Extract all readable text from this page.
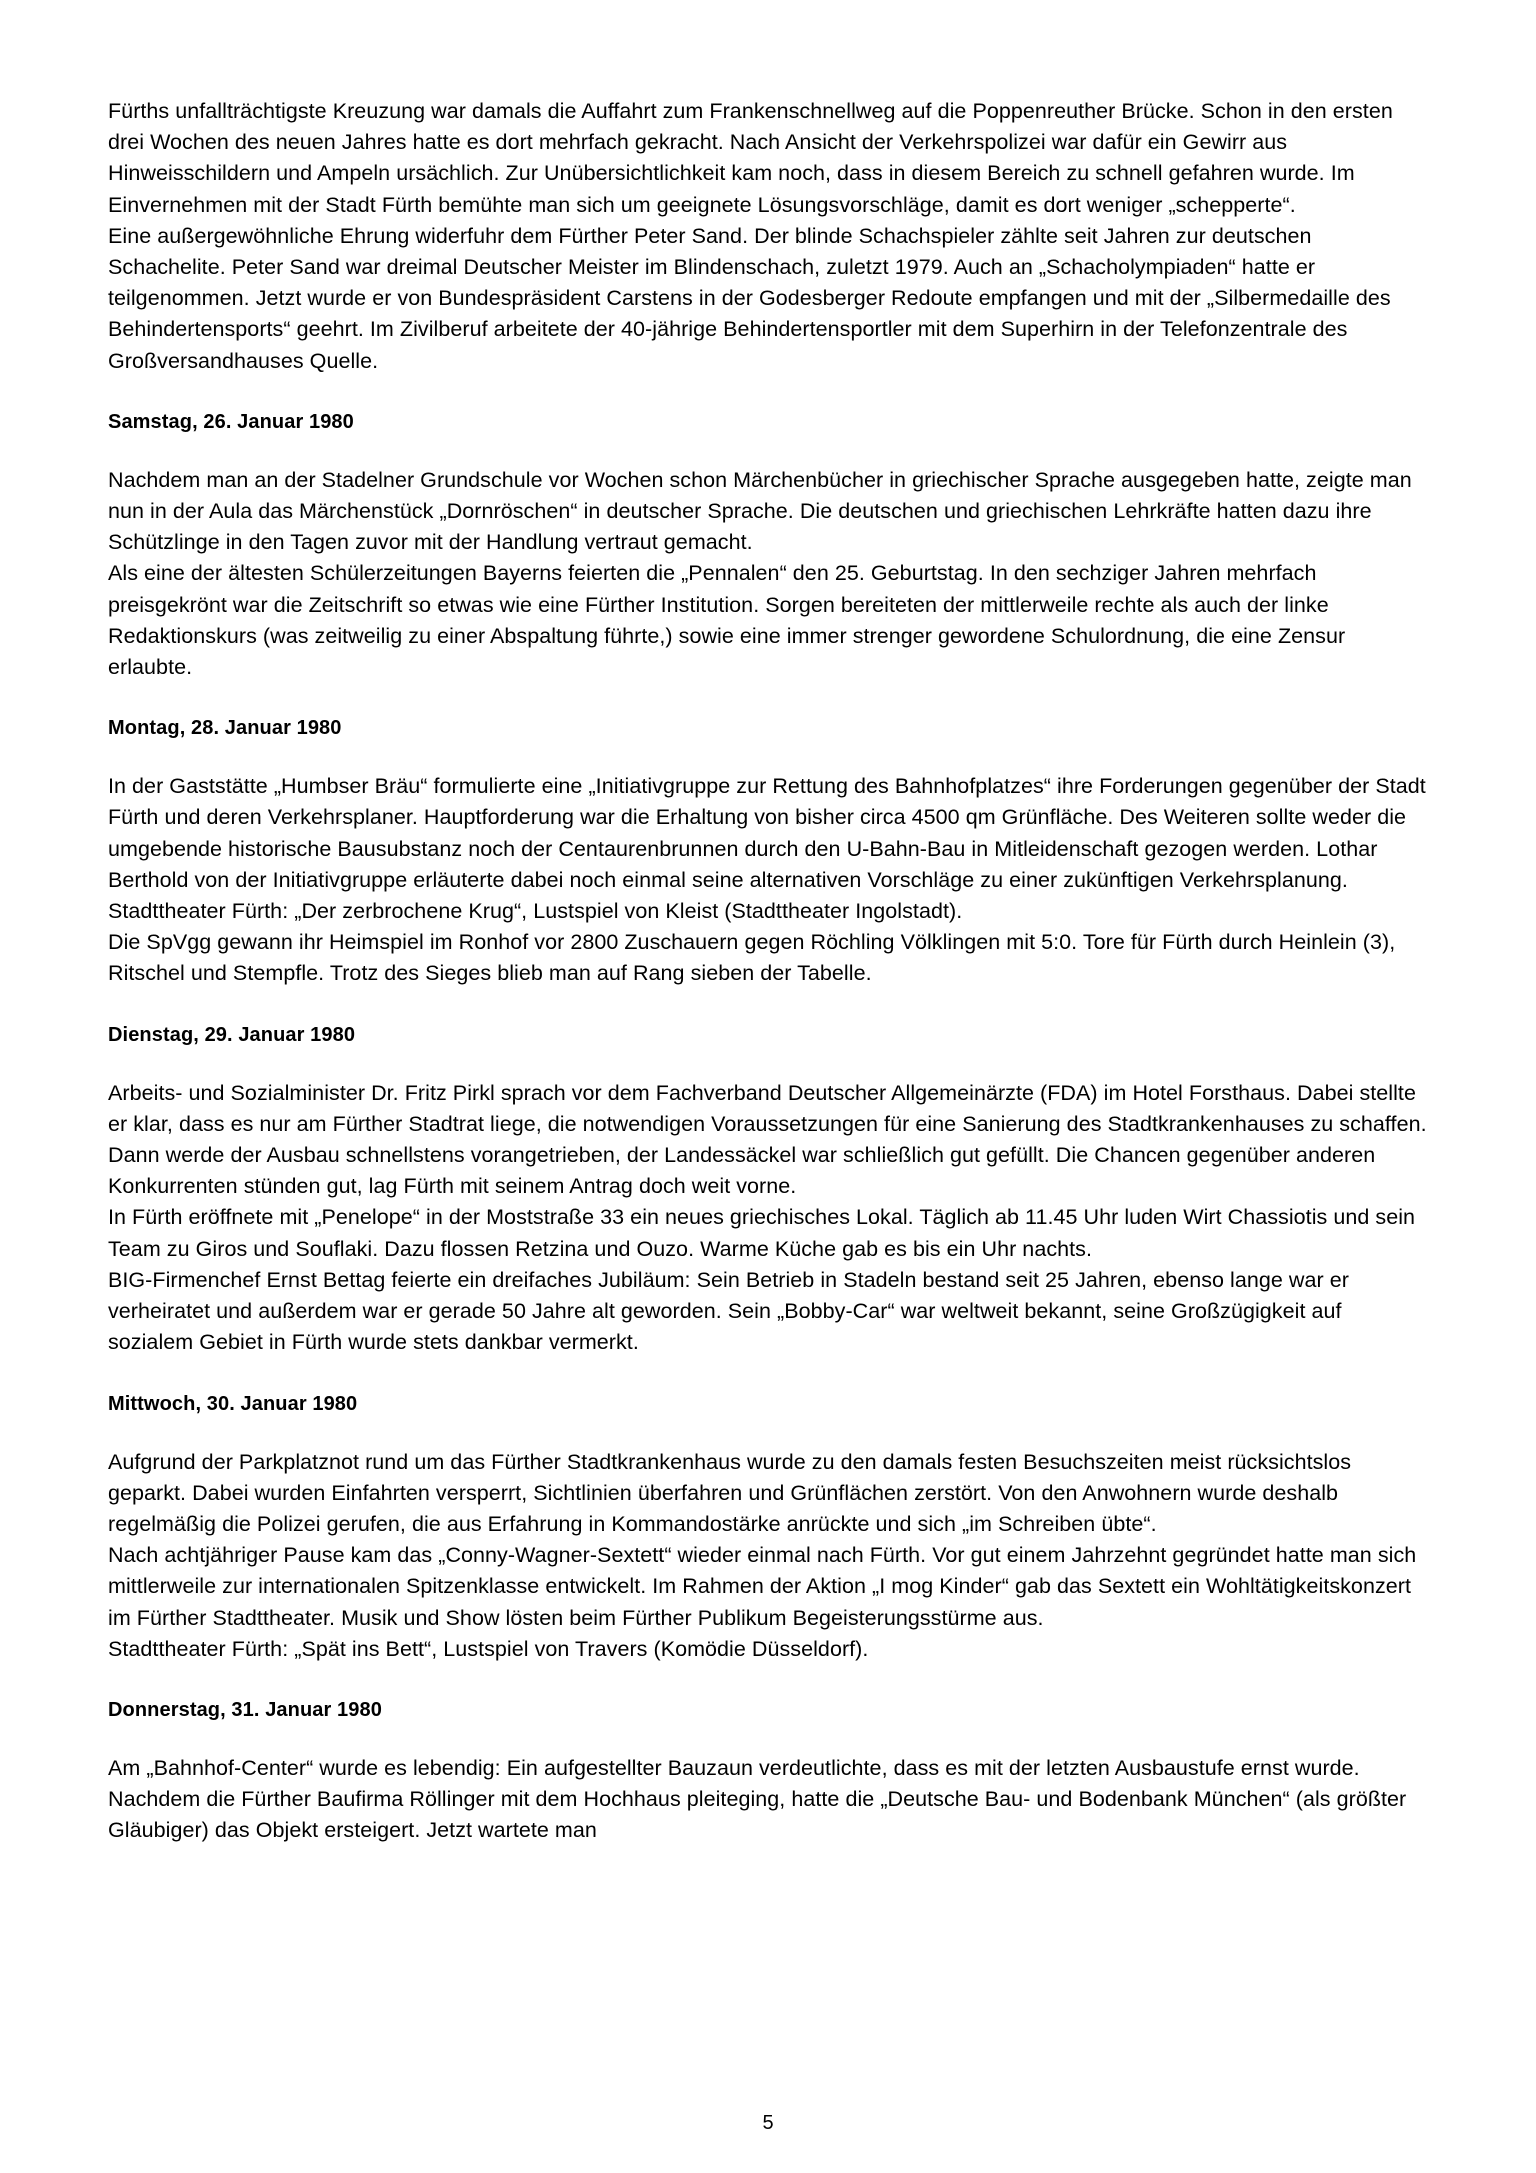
Fürths unfallträchtigste Kreuzung war damals die Auffahrt zum Frankenschnellweg auf die Poppenreuther Brücke. Schon in den ersten drei Wochen des neuen Jahres hatte es dort mehrfach gekracht. Nach Ansicht der Verkehrspolizei war dafür ein Gewirr aus Hinweisschildern und Ampeln ursächlich. Zur Unübersichtlichkeit kam noch, dass in diesem Bereich zu schnell gefahren wurde. Im Einvernehmen mit der Stadt Fürth bemühte man sich um geeignete Lösungsvorschläge, damit es dort weniger „schepperte“.

Eine außergewöhnliche Ehrung widerfuhr dem Fürther Peter Sand. Der blinde Schachspieler zählte seit Jahren zur deutschen Schachelite. Peter Sand war dreimal Deutscher Meister im Blindenschach, zuletzt 1979. Auch an „Schacholympiaden“ hatte er teilgenommen. Jetzt wurde er von Bundespräsident Carstens in der Godesberger Redoute empfangen und mit der „Silbermedaille des Behindertensports“ geehrt. Im Zivilberuf arbeitete der 40-jährige Behindertensportler mit dem Superhirn in der Telefonzentrale des Großversandhauses Quelle.

Samstag, 26. Januar 1980

Nachdem man an der Stadelner Grundschule vor Wochen schon Märchenbücher in griechischer Sprache ausgegeben hatte, zeigte man nun in der Aula das Märchenstück „Dornröschen“ in deutscher Sprache. Die deutschen und griechischen Lehrkräfte hatten dazu ihre Schützlinge in den Tagen zuvor mit der Handlung vertraut gemacht.

Als eine der ältesten Schülerzeitungen Bayerns feierten die „Pennalen“ den 25. Geburtstag. In den sechziger Jahren mehrfach preisgekrönt war die Zeitschrift so etwas wie eine Fürther Institution. Sorgen bereiteten der mittlerweile rechte als auch der linke Redaktionskurs (was zeitweilig zu einer Abspaltung führte,) sowie eine immer strenger gewordene Schulordnung, die eine Zensur erlaubte.

Montag, 28. Januar 1980

In der Gaststätte „Humbser Bräu“ formulierte eine „Initiativgruppe zur Rettung des Bahnhofplatzes“ ihre Forderungen gegenüber der Stadt Fürth und deren Verkehrsplaner. Hauptforderung war die Erhaltung von bisher circa 4500 qm Grünfläche. Des Weiteren sollte weder die umgebende historische Bausubstanz noch der Centaurenbrunnen durch den U-Bahn-Bau in Mitleidenschaft gezogen werden. Lothar Berthold von der Initiativgruppe erläuterte dabei noch einmal seine alternativen Vorschläge zu einer zukünftigen Verkehrsplanung.

Stadttheater Fürth: „Der zerbrochene Krug“, Lustspiel von Kleist (Stadttheater Ingolstadt).

Die SpVgg gewann ihr Heimspiel im Ronhof vor 2800 Zuschauern gegen Röchling Völklingen mit 5:0. Tore für Fürth durch Heinlein (3), Ritschel und Stempfle. Trotz des Sieges blieb man auf Rang sieben der Tabelle.

Dienstag, 29. Januar 1980

Arbeits- und Sozialminister Dr. Fritz Pirkl sprach vor dem Fachverband Deutscher Allgemeinärzte (FDA) im Hotel Forsthaus. Dabei stellte er klar, dass es nur am Fürther Stadtrat liege, die notwendigen Voraussetzungen für eine Sanierung des Stadtkrankenhauses zu schaffen. Dann werde der Ausbau schnellstens vorangetrieben, der Landessäckel war schließlich gut gefüllt. Die Chancen gegenüber anderen Konkurrenten stünden gut, lag Fürth mit seinem Antrag doch weit vorne.

In Fürth eröffnete mit „Penelope“ in der Moststraße 33 ein neues griechisches Lokal. Täglich ab 11.45 Uhr luden Wirt Chassiotis und sein Team zu Giros und Souflaki. Dazu flossen Retzina und Ouzo. Warme Küche gab es bis ein Uhr nachts.

BIG-Firmenchef Ernst Bettag feierte ein dreifaches Jubiläum: Sein Betrieb in Stadeln bestand seit 25 Jahren, ebenso lange war er verheiratet und außerdem war er gerade 50 Jahre alt geworden. Sein „Bobby-Car“ war weltweit bekannt, seine Großzügigkeit auf sozialem Gebiet in Fürth wurde stets dankbar vermerkt.

Mittwoch, 30. Januar 1980

Aufgrund der Parkplatznot rund um das Fürther Stadtkrankenhaus wurde zu den damals festen Besuchszeiten meist rücksichtslos geparkt. Dabei wurden Einfahrten versperrt, Sichtlinien überfahren und Grünflächen zerstört. Von den Anwohnern wurde deshalb regelmäßig die Polizei gerufen, die aus Erfahrung in Kommandostärke anrückte und sich „im Schreiben übte“.

Nach achtjähriger Pause kam das „Conny-Wagner-Sextett“ wieder einmal nach Fürth. Vor gut einem Jahrzehnt gegründet hatte man sich mittlerweile zur internationalen Spitzenklasse entwickelt. Im Rahmen der Aktion „I mog Kinder“ gab das Sextett ein Wohltätigkeitskonzert im Fürther Stadttheater. Musik und Show lösten beim Fürther Publikum Begeisterungsstürme aus.

Stadttheater Fürth: „Spät ins Bett“, Lustspiel von Travers (Komödie Düsseldorf).

Donnerstag, 31. Januar 1980

Am „Bahnhof-Center“ wurde es lebendig: Ein aufgestellter Bauzaun verdeutlichte, dass es mit der letzten Ausbaustufe ernst wurde. Nachdem die Fürther Baufirma Röllinger mit dem Hochhaus pleiteging, hatte die „Deutsche Bau- und Bodenbank München“ (als größter Gläubiger) das Objekt ersteigert. Jetzt wartete man

5
